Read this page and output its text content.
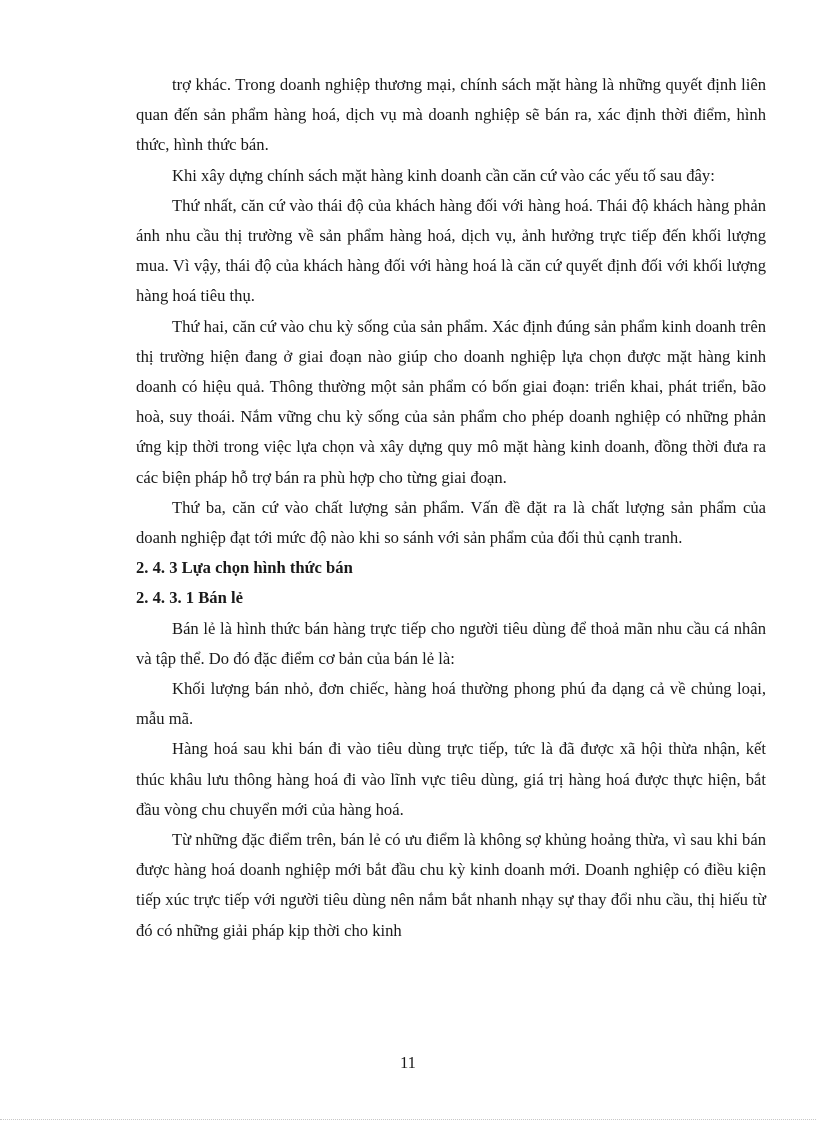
trợ khác. Trong doanh nghiệp thương mại, chính sách mặt hàng là những quyết định liên quan đến sản phẩm hàng hoá, dịch vụ mà doanh nghiệp sẽ bán ra, xác định thời điểm, hình thức, hình thức bán.

Khi xây dựng chính sách mặt hàng kinh doanh cần căn cứ vào các yếu tố sau đây:

Thứ nhất, căn cứ vào thái độ của khách hàng đối với hàng hoá. Thái độ khách hàng phản ánh nhu cầu thị trường về sản phẩm hàng hoá, dịch vụ, ảnh hưởng trực tiếp đến khối lượng mua. Vì vậy, thái độ của khách hàng đối với hàng hoá là căn cứ quyết định đối với khối lượng hàng hoá tiêu thụ.

Thứ hai, căn cứ vào chu kỳ sống của sản phẩm. Xác định đúng sản phẩm kinh doanh trên thị trường hiện đang ở giai đoạn nào giúp cho doanh nghiệp lựa chọn được mặt hàng kinh doanh có hiệu quả. Thông thường một sản phẩm có bốn giai đoạn: triển khai, phát triển, bão hoà, suy thoái. Nắm vững chu kỳ sống của sản phẩm cho phép doanh nghiệp có những phản ứng kịp thời trong việc lựa chọn và xây dựng quy mô mặt hàng kinh doanh, đồng thời đưa ra các biện pháp hỗ trợ bán ra phù hợp cho từng giai đoạn.

Thứ ba, căn cứ vào chất lượng sản phẩm. Vấn đề đặt ra là chất lượng sản phẩm của doanh nghiệp đạt tới mức độ nào khi so sánh với sản phẩm của đối thủ cạnh tranh.

2. 4. 3 Lựa chọn hình thức bán
2. 4. 3. 1 Bán lẻ

Bán lẻ là hình thức bán hàng trực tiếp cho người tiêu dùng để thoả mãn nhu cầu cá nhân và tập thể. Do đó đặc điểm cơ bản của bán lẻ là:

Khối lượng bán nhỏ, đơn chiếc, hàng hoá thường phong phú đa dạng cả về chủng loại, mẫu mã.

Hàng hoá sau khi bán đi vào tiêu dùng trực tiếp, tức là đã được xã hội thừa nhận, kết thúc khâu lưu thông hàng hoá đi vào lĩnh vực tiêu dùng, giá trị hàng hoá được thực hiện, bắt đầu vòng chu chuyển mới của hàng hoá.

Từ những đặc điểm trên, bán lẻ có ưu điểm là không sợ khủng hoảng thừa, vì sau khi bán được hàng hoá doanh nghiệp mới bắt đầu chu kỳ kinh doanh mới. Doanh nghiệp có điều kiện tiếp xúc trực tiếp với người tiêu dùng nên nắm bắt nhanh nhạy sự thay đổi nhu cầu, thị hiếu từ đó có những giải pháp kịp thời cho kinh

11
